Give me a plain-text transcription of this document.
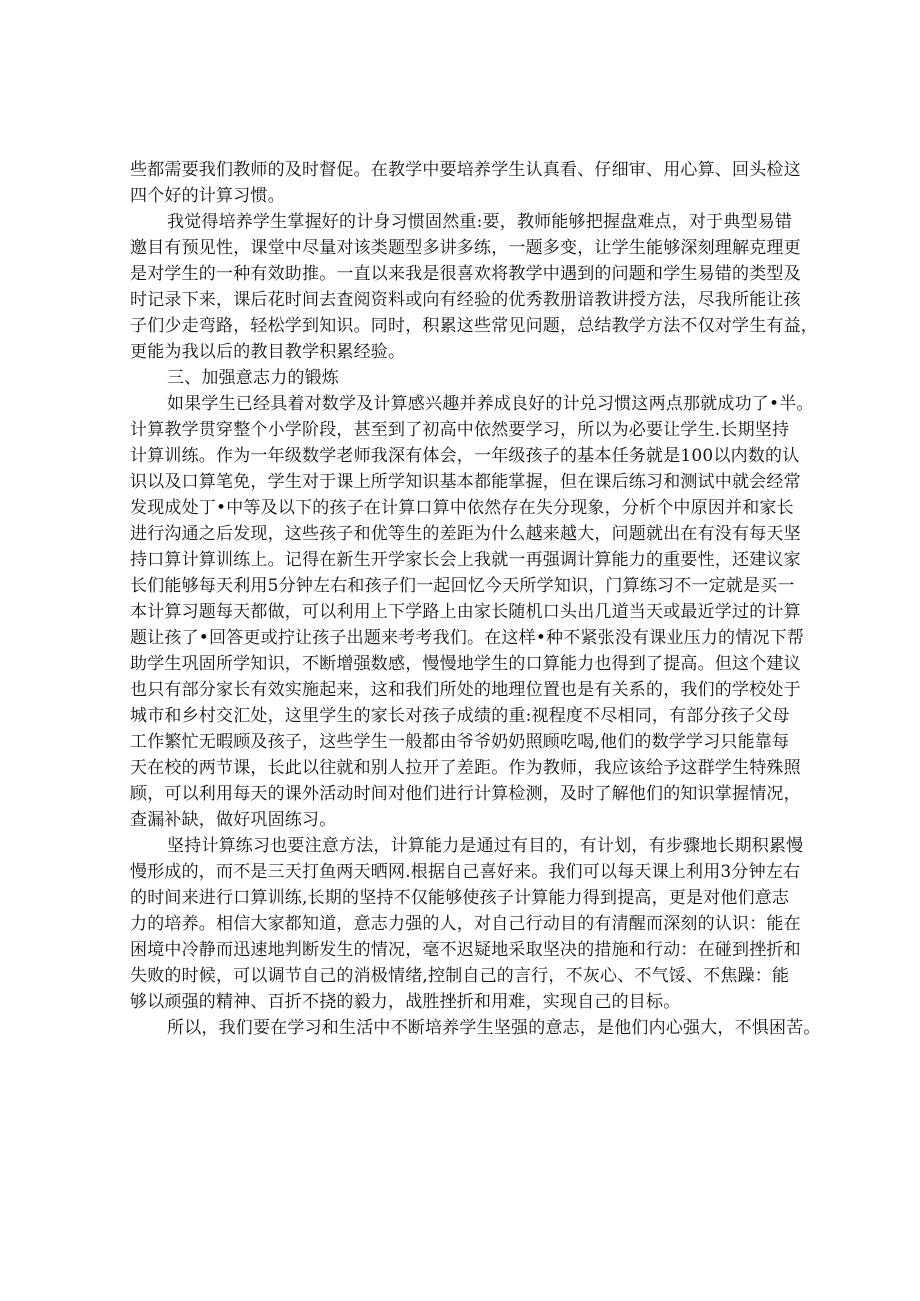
些都需要我们教师的及时督促。在教学中要培养学生认真看、仔细审、用心算、回头检这
四个好的计算习惯。
我觉得培养学生掌握好的计身习惯固然重:要，教师能够把握盘难点，对于典型易错
邀目有预见性，课堂中尽量对该类题型多讲多练，一题多变，让学生能够深刻理解克理更
是对学生的一种有效助推。一直以来我是很喜欢将教学中遇到的问题和学生易错的类型及
时记录下来，课后花时间去査阅资料或向有经验的优秀教册谙教讲授方法，尽我所能让孩
子们少走弯路，轻松学到知识。同时，积累这些常见问题，总结教学方法不仅对学生有益，
更能为我以后的教目教学积累经验。
三、加强意志力的锻炼
如果学生已经具着对数学及计算感兴趣并养成良好的计兑习惯这两点那就成功了•半。
计算教学贯穿整个小学阶段，甚至到了初高中依然要学习，所以为必要让学生.长期坚持
计算训练。作为一年级数学老师我深有体会，一年级孩子的基本任务就是100以内数的认
识以及口算笔免，学生对于课上所学知识基本都能掌握，但在课后练习和测试中就会经常
发现成处丁•中等及以下的孩子在计算口算中依然存在失分现象，分析个中原因并和家长
进行沟通之后发现，这些孩子和优等生的差距为什么越来越大，问题就出在有没有每天坚
持口算计算训练上。记得在新生开学家长会上我就一再强调计算能力的重要性，还建议家
长们能够每天利用5分钟左右和孩子们一起回忆今天所学知识，门算练习不一定就是买一
本计算习题每天都做，可以利用上下学路上由家长随机口头出几道当天或最近学过的计算
题让孩了•回答更或拧让孩子出题来考考我们。在这样•种不紧张没有课业压力的情况下帮
助学生巩固所学知识，不断增强数感，慢慢地学生的口算能力也得到了提高。但这个建议
也只有部分家长有效实施起来，这和我们所处的地理位置也是有关系的，我们的学校处于
城市和乡村交汇处，这里学生的家长对孩子成绩的重:视程度不尽相同，有部分孩子父母
工作繁忙无暇顾及孩子，这些学生一般都由爷爷奶奶照顾吃喝,他们的数学学习只能靠每
天在校的两节课，长此以往就和别人拉开了差距。作为教师，我应该给予这群学生特殊照
顾，可以利用每天的课外活动时间对他们进行计算检测，及时了解他们的知识掌握情况，
查漏补缺，做好巩固练习。
坚持计算练习也要注意方法，计算能力是通过有目的，有计划，有步骤地长期积累慢
慢形成的，而不是三天打鱼两天晒网.根据自己喜好来。我们可以每天课上利用3分钟左右
的时间来进行口算训练,长期的坚持不仅能够使孩子计算能力得到提高，更是对他们意志
力的培养。相信大家都知道，意志力强的人，对自己行动目的有清醒而深刻的认识：能在
困境中冷静而迅速地判断发生的情况，毫不迟疑地采取坚决的措施和行动：在碰到挫折和
失败的时候，可以调节自己的消极情绪,控制自己的言行，不灰心、不气馁、不焦躁：能
够以顽强的精神、百折不挠的毅力，战胜挫折和用难，实现自己的目标。
所以，我们要在学习和生活中不断培养学生坚强的意志，是他们内心强大，不惧困苦。
